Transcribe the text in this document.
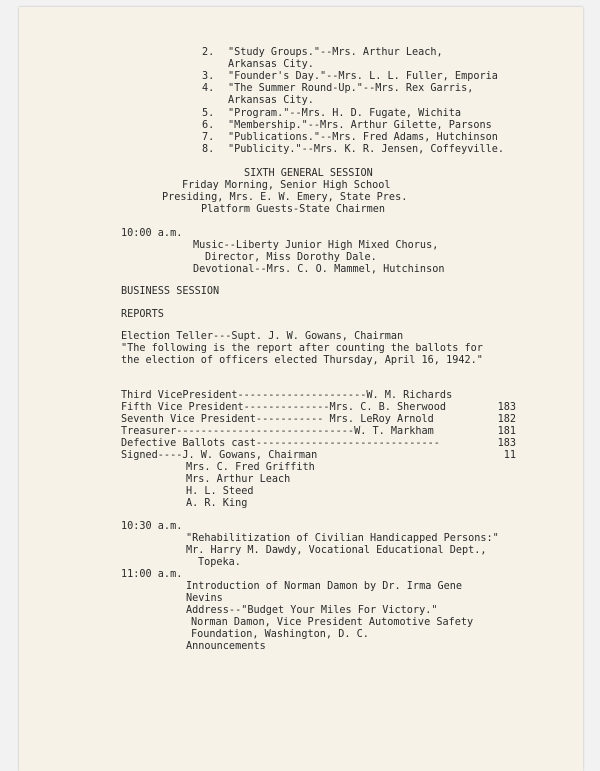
2. "Study Groups."--Mrs. Arthur Leach,
Arkansas City.
3. "Founder's Day."--Mrs. L. L. Fuller, Emporia
4. "The Summer Round-Up."--Mrs. Rex Garris,
Arkansas City.
5. "Program."--Mrs. H. D. Fugate, Wichita
6. "Membership."--Mrs. Arthur Gilette, Parsons
7. "Publications."--Mrs. Fred Adams, Hutchinson
8. "Publicity."--Mrs. K. R. Jensen, Coffeyville.
SIXTH GENERAL SESSION
Friday Morning, Senior High School
Presiding, Mrs. E. W. Emery, State Pres.
Platform Guests-State Chairmen
10:00 a.m.
Music--Liberty Junior High Mixed Chorus,
Director, Miss Dorothy Dale.
Devotional--Mrs. C. O. Mammel, Hutchinson
BUSINESS SESSION
REPORTS
Election Teller---Supt. J. W. Gowans, Chairman
"The following is the report after counting the ballots for
the election of officers elected Thursday, April 16, 1942."

Third VicePresident---------------------W. M. Richards

183

Fifth Vice President--------------Mrs. C. B. Sherwood

182

Seventh Vice President----------- Mrs. LeRoy Arnold

181

Treasurer-----------------------------W. T. Markham

183

Defective Ballots cast------------------------------

11

Signed----J. W. Gowans, Chairman
Mrs. C. Fred Griffith
Mrs. Arthur Leach
H. L. Steed
A. R. King
10:30 a.m.
"Rehabilitization of Civilian Handicapped Persons:"
Mr. Harry M. Dawdy, Vocational Educational Dept.,
Topeka.
11:00 a.m.
Introduction of Norman Damon by Dr. Irma Gene
Nevins
Address--"Budget Your Miles For Victory."
Norman Damon, Vice President Automotive Safety
Foundation, Washington, D. C.
Announcements
